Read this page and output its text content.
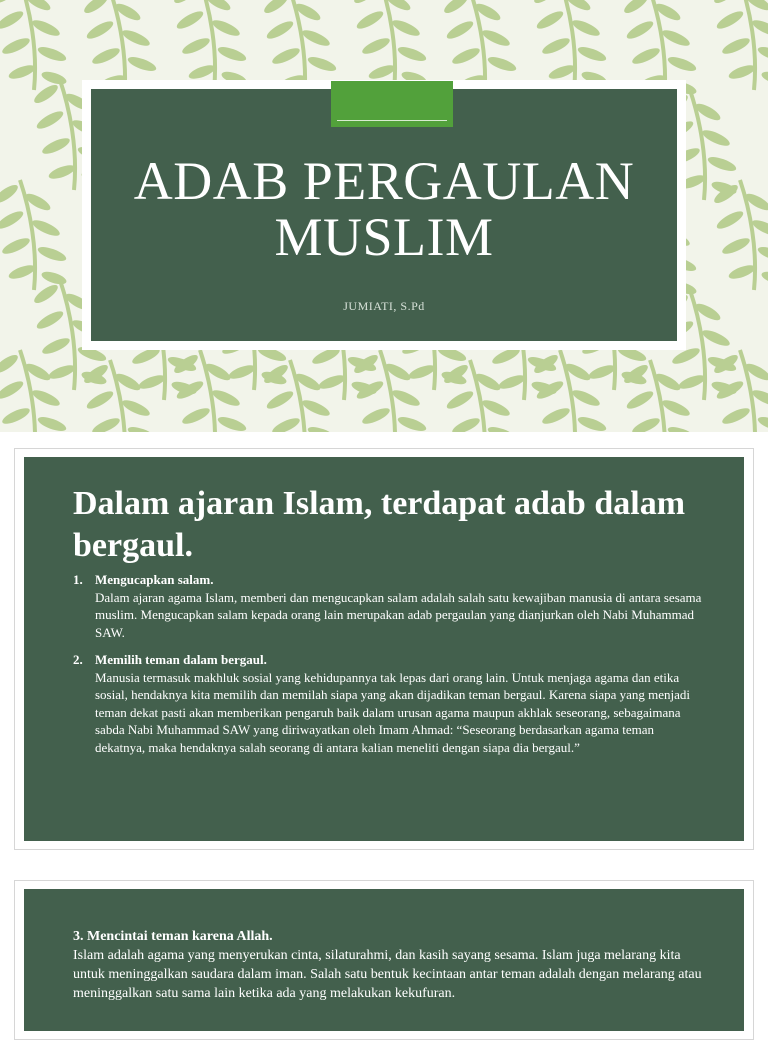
ADAB PERGAULAN MUSLIM
JUMIATI, S.Pd
Dalam ajaran Islam, terdapat adab dalam bergaul.
1. Mengucapkan salam.
Dalam ajaran agama Islam, memberi dan mengucapkan salam adalah salah satu kewajiban manusia di antara sesama muslim. Mengucapkan salam kepada orang lain merupakan adab pergaulan yang dianjurkan oleh Nabi Muhammad SAW.
2. Memilih teman dalam bergaul.
Manusia termasuk makhluk sosial yang kehidupannya tak lepas dari orang lain. Untuk menjaga agama dan etika sosial, hendaknya kita memilih dan memilah siapa yang akan dijadikan teman bergaul. Karena siapa yang menjadi teman dekat pasti akan memberikan pengaruh baik dalam urusan agama maupun akhlak seseorang, sebagaimana sabda Nabi Muhammad SAW yang diriwayatkan oleh Imam Ahmad: “Seseorang berdasarkan agama teman dekatnya, maka hendaknya salah seorang di antara kalian meneliti dengan siapa dia bergaul.”
3. Mencintai teman karena Allah.
Islam adalah agama yang menyerukan cinta, silaturahmi, dan kasih sayang sesama. Islam juga melarang kita untuk meninggalkan saudara dalam iman. Salah satu bentuk kecintaan antar teman adalah dengan melarang atau meninggalkan satu sama lain ketika ada yang melakukan kekufuran.
